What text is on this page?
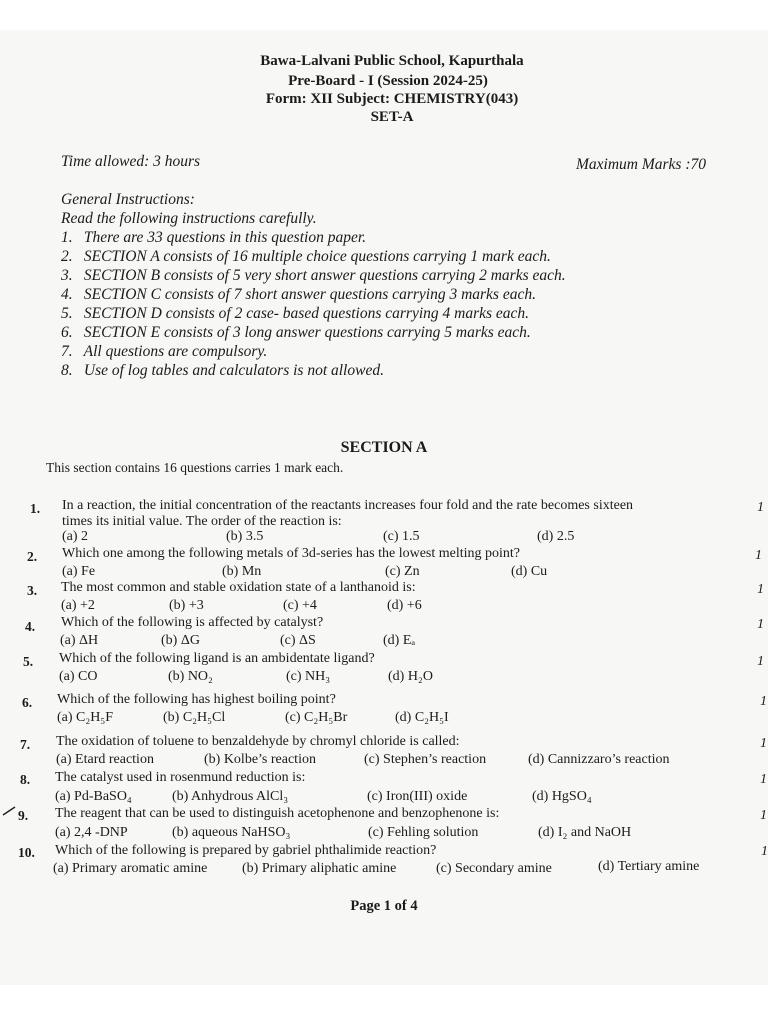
Bawa-Lalvani Public School, Kapurthala
Pre-Board - I (Session 2024-25)
Form: XII Subject: CHEMISTRY(043)
SET-A
Time allowed: 3 hours	Maximum Marks :70
General Instructions:
Read the following instructions carefully.
1. There are 33 questions in this question paper.
2. SECTION A consists of 16 multiple choice questions carrying 1 mark each.
3. SECTION B consists of 5 very short answer questions carrying 2 marks each.
4. SECTION C consists of 7 short answer questions carrying 3 marks each.
5. SECTION D consists of 2 case- based questions carrying 4 marks each.
6. SECTION E consists of 3 long answer questions carrying 5 marks each.
7. All questions are compulsory.
8. Use of log tables and calculators is not allowed.
SECTION A
This section contains 16 questions carries 1 mark each.
1. In a reaction, the initial concentration of the reactants increases four fold and the rate becomes sixteen
times its initial value. The order of the reaction is:
(a) 2	(b) 3.5	(c) 1.5	(d) 2.5
1
2. Which one among the following metals of 3d-series has the lowest melting point?
(a) Fe	(b) Mn	(c) Zn	(d) Cu
1
3. The most common and stable oxidation state of a lanthanoid is:
(a) +2	(b) +3	(c) +4	(d) +6
1
4. Which of the following is affected by catalyst?
(a) ΔH	(b) ΔG	(c) ΔS	(d) Eₐ
1
5. Which of the following ligand is an ambidentate ligand?
(a) CO	(b) NO₂	(c) NH₃	(d) H₂O
1
6. Which of the following has highest boiling point?
(a) C₂H₅F	(b) C₂H₅Cl	(c) C₂H₅Br	(d) C₂H₅I
1
7. The oxidation of toluene to benzaldehyde by chromyl chloride is called:
(a) Etard reaction	(b) Kolbe’s reaction	(c) Stephen’s reaction	(d) Cannizzaro’s reaction
1
8. The catalyst used in rosenmund reduction is:
(a) Pd-BaSO₄	(b) Anhydrous AlCl₃	(c) Iron(III) oxide	(d) HgSO₄
1
9. The reagent that can be used to distinguish acetophenone and benzophenone is:
(a) 2,4 -DNP	(b) aqueous NaHSO₃	(c) Fehling solution	(d) I₂ and NaOH
1
10. Which of the following is prepared by gabriel phthalimide reaction?
(a) Primary aromatic amine (b) Primary aliphatic amine	(c) Secondary amine	(d) Tertiary amine
1
Page 1 of 4
